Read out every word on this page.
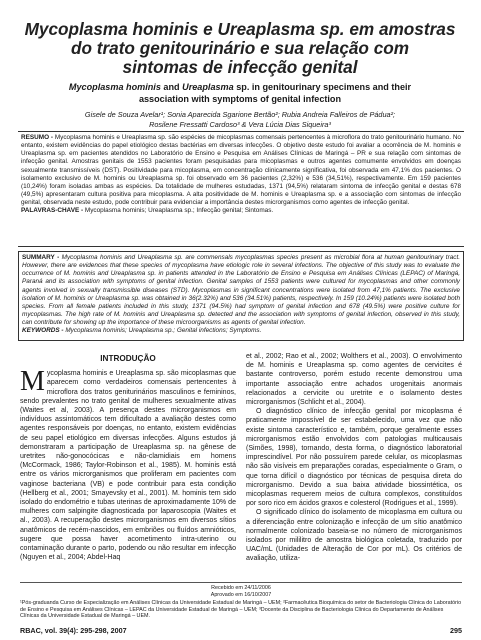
Mycoplasma hominis e Ureaplasma sp. em amostras
do trato genitourinário e sua relação com
sintomas de infecção genital
Mycoplasma hominis and Ureaplasma sp. in genitourinary specimens and their
association with symptoms of genital infection
Gisele de Souza Avelar¹; Sonia Aparecida Sgarione Bertão²; Rubia Andreia Falleiros de Pádua²;
Rosilene Fressatti Cardoso³ & Vera Lúcia Dias Siqueira³

RESUMO - Mycoplasma hominis e Ureaplasma sp. são espécies de micoplasmas comensais pertencentes à microflora do trato genitourinário humano. No entanto, existem evidências do papel etiológico destas bactérias em diversas infecções. O objetivo deste estudo foi avaliar a ocorrência de M. hominis e Ureaplasma sp. em pacientes atendidos no Laboratório de Ensino e Pesquisa em Análises Clínicas de Maringá – PR e sua relação com sintomas de infecção genital. Amostras genitais de 1553 pacientes foram pesquisadas para micoplasmas e outros agentes comumente envolvidos em doenças sexualmente transmissíveis (DST). Positividade para micoplasma, em concentração clinicamente significativa, foi observada em 47,1% dos pacientes. O isolamento exclusivo de M. hominis ou Ureaplasma sp. foi observado em 36 pacientes (2,32%) e 536 (34,51%), respectivamente. Em 159 pacientes (10,24%) foram isoladas ambas as espécies. Da totalidade de mulheres estudadas, 1371 (94,5%) relataram sintoma de infecção genital e destas 678 (49,5%) apresentaram cultura positiva para micoplasma. A alta positividade de M. hominis e Ureaplasma sp. e a associação com sintomas de infecção genital, observada neste estudo, pode contribuir para evidenciar a importância destes microrganismos como agentes de infecção genital.

PALAVRAS-CHAVE - Mycoplasma hominis; Ureaplasma sp.; Infecção genital; Sintomas.

SUMMARY - Mycoplasma hominis and Ureaplasma sp. are commensals mycoplasmas species present as microbial flora at human genitourinary tract. However, there are evidences that these species of mycoplasma have etiologic role in several infections. The objective of this study was to evaluate the occurrence of M. hominis and Ureaplasma sp. in patients attended in the Laboratório de Ensino e Pesquisa em Análises Clínicas (LEPAC) of Maringá, Paraná and its association with symptoms of genital infection. Genital samples of 1553 patients were cultured for mycoplasmas and other commonly agents involved in sexually transmissible diseases (STD). Mycoplasmas in significant concentrations were isolated from 47,1% patients. The exclusive isolation of M. hominis or Ureaplasma sp. was obtained in 36(2.32%) and 536 (34.51%) patients, respectively. In 159 (10.24%) patients were isolated both species. From all female patients included in this study, 1371 (94.5%) had symptom of genital infection and 678 (49.5%) were positive culture for mycoplasmas. The high rate of M. hominis and Ureaplasma sp. detected and the association with symptoms of genital infection, observed in this study, can contribute for showing up the importance of these microorganisms as agents of genital infection.

KEYWORDS - Mycoplasma hominis; Ureaplasma sp.; Genital infections; Symptoms.

INTRODUÇÃO

Mycoplasma hominis e Ureaplasma sp. são micoplasmas que aparecem como verdadeiros comensais pertencentes à microflora dos tratos geniturinários masculinos e femininos, sendo prevalentes no trato genital de mulheres sexualmente ativas (Waites et al, 2003). A presença destes microrganismos em indivíduos assintomáticos tem dificultado a avaliação destes como agentes responsáveis por doenças, no entanto, existem evidências de seu papel etiológico em diversas infecções. Alguns estudos já demonstraram a participação de Ureaplasma sp. na gênese de uretrites não-gonocócicas e não-clamidiais em homens (McCormack, 1986; Taylor-Robinson et al., 1985). M. hominis está entre os vários microrganismos que proliferam em pacientes com vaginose bacteriana (VB) e pode contribuir para esta condição (Hellberg et al., 2001; Smayevsky et al., 2001). M. hominis tem sido isolado do endométrio e tubas uterinas de aproximadamente 10% de mulheres com salpingite diagnosticada por laparoscopia (Waites et al., 2003). A recuperação destes microrganismos em diversos sítios anatômicos de recém-nascidos, em embriões ou fluídos amnióticos, sugere que possa haver acometimento intra-uterino ou contaminação durante o parto, podendo ou não resultar em infecção (Nguyen et al., 2004; Abdel-Haq

et al., 2002; Rao et al., 2002; Wolthers et al., 2003). O envolvimento de M. hominis e Ureaplasma sp. como agentes de cervicites é bastante controverso, porém estudo recente demonstrou uma importante associação entre achados urogenitais anormais relacionados a cervicite ou uretrite e o isolamento destes microrganismos (Schlicht et al., 2004).

O diagnóstico clínico de infecção genital por micoplasma é praticamente impossível de ser estabelecido, uma vez que não existe sintoma característico e, também, porque geralmente esses microrganismos estão envolvidos com patologias multicausais (Simões, 1998), tornando, desta forma, o diagnóstico laboratorial imprescindível. Por não possuírem parede celular, os micoplasmas não são visíveis em preparações coradas, especialmente o Gram, o que torna difícil o diagnóstico por técnicas de pesquisa direta do microrganismo. Devido a sua baixa atividade biossintética, os micoplasmas requerem meios de cultura complexos, constituídos por soro rico em ácidos graxos e colesterol (Rodrigues et al., 1999).

O significado clínico do isolamento de micoplasma em cultura ou a diferenciação entre colonização e infecção de um sítio anatômico normalmente colonizado baseia-se no número de microrganismos isolados por mililitro de amostra biológica coletada, traduzido por UAC/mL (Unidades de Alteração de Cor por mL). Os critérios de avaliação, utiliza-

Recebido em 24/11/2006
Aprovado em 16/10/2007
¹Pós-graduanda Curso de Especialização em Análises Clínicas da Universidade Estadual de Maringá – UEM; ²Farmacêutica Bioquímica do setor de Bacteriologia Clínica do Laboratório de Ensino e Pesquisa em Análises Clínicas – LEPAC da Universidade Estadual de Maringá – UEM; ³Docente da Disciplina de Bacteriologia Clínica do Departamento de Análises Clínicas da Universidade Estadual de Maringá – UEM.
RBAC, vol. 39(4): 295-298, 2007	295
